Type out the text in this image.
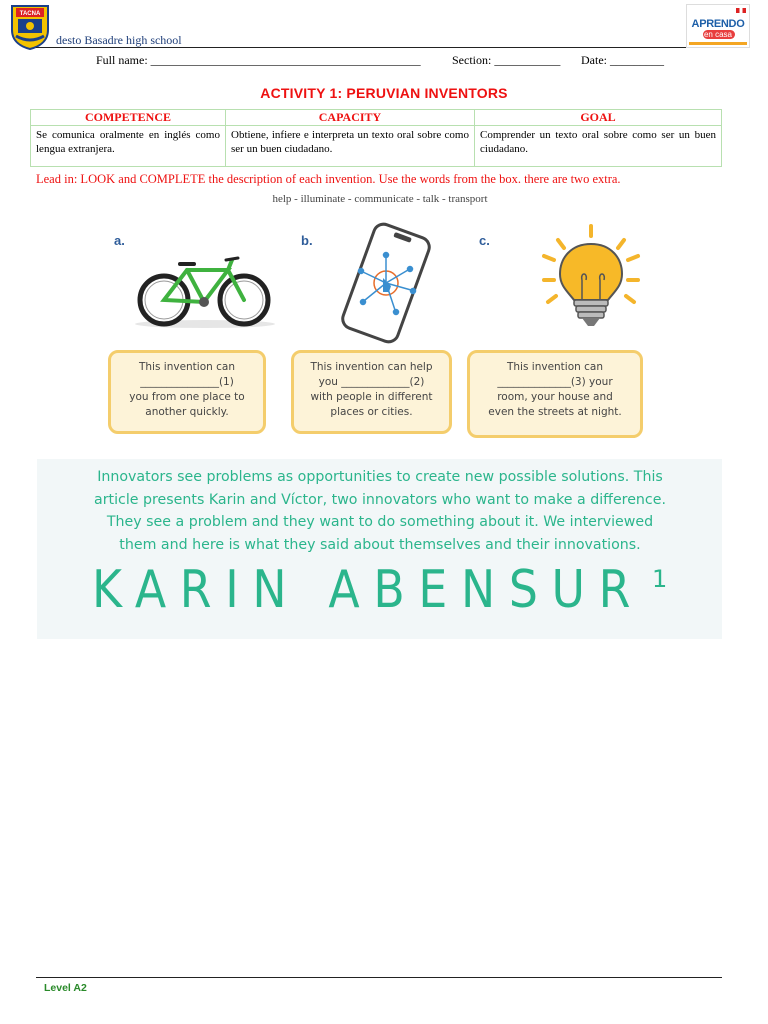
TACNA
desto Basadre high school
APRENDO
en casa
Full name: _____________________________________________	Section: ___________ Date: _________
ACTIVITY 1: PERUVIAN INVENTORS
COMPETENCE	CAPACITY	GOAL
Se comunica oralmente en inglés como lengua extranjera.	Obtiene, infiere e interpreta un texto oral sobre como ser un buen ciudadano.	Comprender un texto oral sobre como ser un buen ciudadano.
Lead in: LOOK and COMPLETE the description of each invention. Use the words from the box. there are two extra.
help - illuminate - communicate - talk - transport
a.	b.	c.
This invention can
_______________(1)
you from one place to
another quickly.
This invention can help
you _____________(2)
with people in different
places or cities.
This invention can
______________(3) your
room, your house and
even the streets at night.
Innovators see problems as opportunities to create new possible solutions. This
article presents Karin and Víctor, two innovators who want to make a difference.
They see a problem and they want to do something about it. We interviewed
them and here is what they said about themselves and their innovations.
KARIN ABENSUR 1
Level A2
